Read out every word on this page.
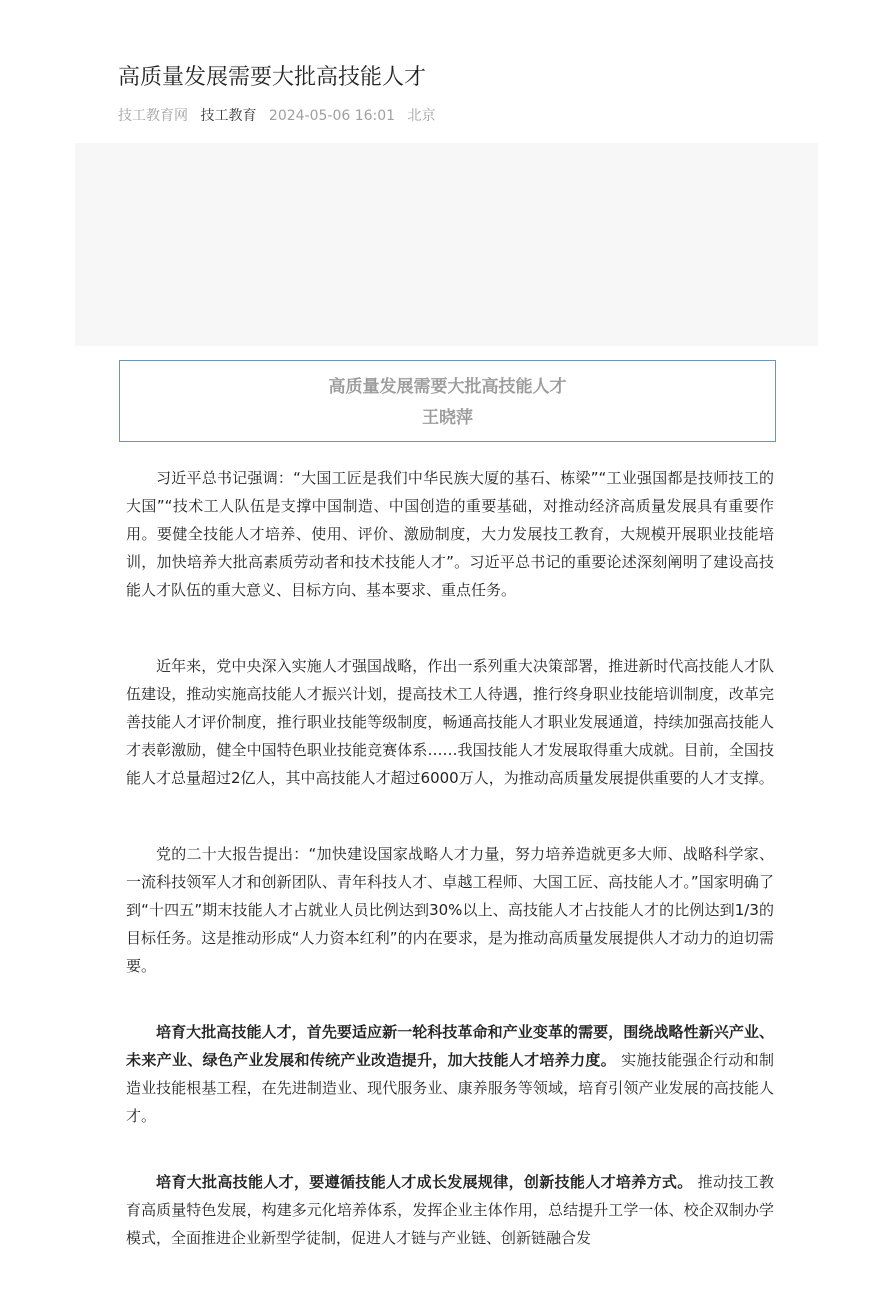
高质量发展需要大批高技能人才
技工教育网 技工教育 2024-05-06 16:01 北京
高质量发展需要大批高技能人才
王晓萍

习近平总书记强调：“大国工匠是我们中华民族大厦的基石、栋梁”“工业强国都是技师技工的大国”“技术工人队伍是支撑中国制造、中国创造的重要基础，对推动经济高质量发展具有重要作用。要健全技能人才培养、使用、评价、激励制度，大力发展技工教育，大规模开展职业技能培训，加快培养大批高素质劳动者和技术技能人才”。习近平总书记的重要论述深刻阐明了建设高技能人才队伍的重大意义、目标方向、基本要求、重点任务。

近年来，党中央深入实施人才强国战略，作出一系列重大决策部署，推进新时代高技能人才队伍建设，推动实施高技能人才振兴计划，提高技术工人待遇，推行终身职业技能培训制度，改革完善技能人才评价制度，推行职业技能等级制度，畅通高技能人才职业发展通道，持续加强高技能人才表彰激励，健全中国特色职业技能竞赛体系……我国技能人才发展取得重大成就。目前，全国技能人才总量超过2亿人，其中高技能人才超过6000万人，为推动高质量发展提供重要的人才支撑。

党的二十大报告提出：“加快建设国家战略人才力量，努力培养造就更多大师、战略科学家、一流科技领军人才和创新团队、青年科技人才、卓越工程师、大国工匠、高技能人才。”国家明确了到“十四五”期末技能人才占就业人员比例达到30%以上、高技能人才占技能人才的比例达到1/3的目标任务。这是推动形成“人力资本红利”的内在要求，是为推动高质量发展提供人才动力的迫切需要。

培育大批高技能人才，首先要适应新一轮科技革命和产业变革的需要，围绕战略性新兴产业、未来产业、绿色产业发展和传统产业改造提升，加大技能人才培养力度。 实施技能强企行动和制造业技能根基工程，在先进制造业、现代服务业、康养服务等领域，培育引领产业发展的高技能人才。

培育大批高技能人才，要遵循技能人才成长发展规律，创新技能人才培养方式。 推动技工教育高质量特色发展，构建多元化培养体系，发挥企业主体作用，总结提升工学一体、校企双制办学模式，全面推进企业新型学徒制，促进人才链与产业链、创新链融合发
